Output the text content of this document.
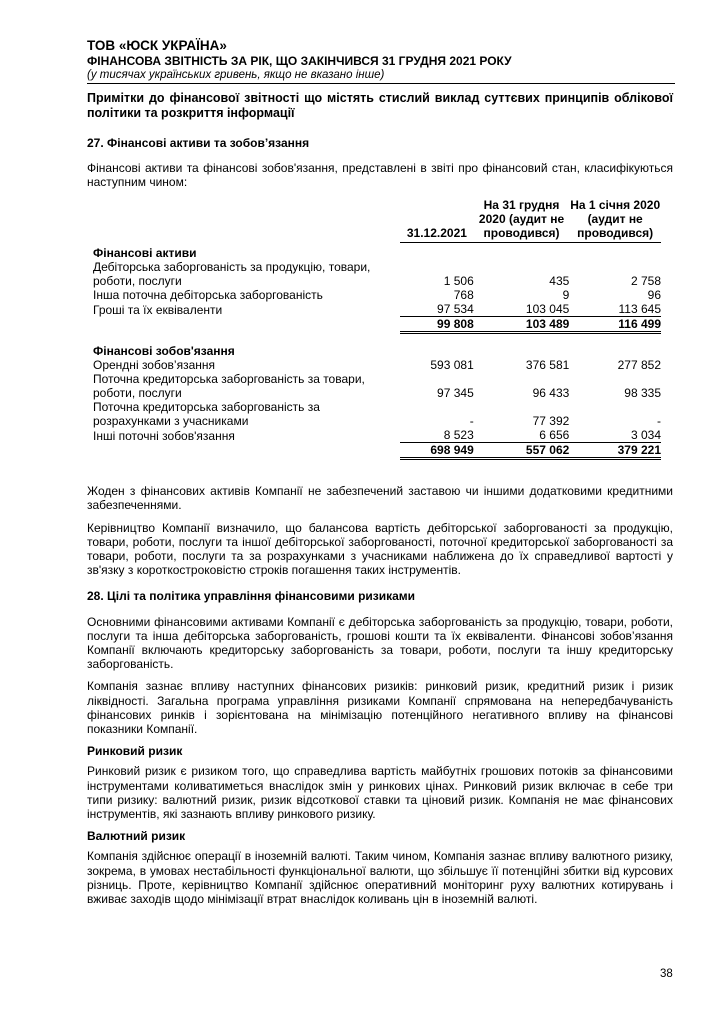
ТОВ «ЮСК УКРАЇНА»
ФІНАНСОВА ЗВІТНІСТЬ ЗА РІК, ЩО ЗАКІНЧИВСЯ 31 ГРУДНЯ 2021 РОКУ
(у тисячах українських гривень, якщо не вказано інше)
Примітки до фінансової звітності що містять стислий виклад суттєвих принципів облікової політики та розкриття інформації
27. Фінансові активи та зобов’язання

Фінансові активи та фінансові зобов'язання, представлені в звіті про фінансовий стан, класифікуються наступним чином:

	31.12.2021	На 31 грудня 2020 (аудит не проводився)	На 1 січня 2020 (аудит не проводився)
Фінансові активи			
Дебіторська заборгованість за продукцію, товари, роботи, послуги	1 506	435	2 758
Інша поточна дебіторська заборгованість	768	9	96
Гроші та їх еквіваленти	97 534	103 045	113 645
	99 808	103 489	116 499

Фінансові зобов'язання			
Орендні зобов’язання	593 081	376 581	277 852
Поточна кредиторська заборгованість за товари, роботи, послуги	97 345	96 433	98 335
Поточна кредиторська заборгованість за розрахунками з учасниками	-	77 392	-
Інші поточні зобов'язання	8 523	6 656	3 034
	698 949	557 062	379 221

Жоден з фінансових активів Компанії не забезпечений заставою чи іншими додатковими кредитними забезпеченнями.

Керівництво Компанії визначило, що балансова вартість дебіторської заборгованості за продукцію, товари, роботи, послуги та іншої дебіторської заборгованості, поточної кредиторської заборгованості за товари, роботи, послуги та за розрахунками з учасниками наближена до їх справедливої вартості у зв'язку з короткостроковістю строків погашення таких інструментів.

28. Цілі та політика управління фінансовими ризиками

Основними фінансовими активами Компанії є дебіторська заборгованість за продукцію, товари, роботи, послуги та інша дебіторська заборгованість, грошові кошти та їх еквіваленти. Фінансові зобов’язання Компанії включають кредиторську заборгованість за товари, роботи, послуги та іншу кредиторську заборгованість.

Компанія зазнає впливу наступних фінансових ризиків: ринковий ризик, кредитний ризик і ризик ліквідності. Загальна програма управління ризиками Компанії спрямована на непередбачуваність фінансових ринків і зорієнтована на мінімізацію потенційного негативного впливу на фінансові показники Компанії.

Ринковий ризик

Ринковий ризик є ризиком того, що справедлива вартість майбутніх грошових потоків за фінансовими інструментами коливатиметься внаслідок змін у ринкових цінах. Ринковий ризик включає в себе три типи ризику: валютний ризик, ризик відсоткової ставки та ціновий ризик. Компанія не має фінансових інструментів, які зазнають впливу ринкового ризику.

Валютний ризик

Компанія здійснює операції в іноземній валюті. Таким чином, Компанія зазнає впливу валютного ризику, зокрема, в умовах нестабільності функціональної валюти, що збільшує її потенційні збитки від курсових різниць. Проте, керівництво Компанії здійснює оперативний моніторинг руху валютних котирувань і вживає заходів щодо мінімізації втрат внаслідок коливань цін в іноземній валюті.

38
